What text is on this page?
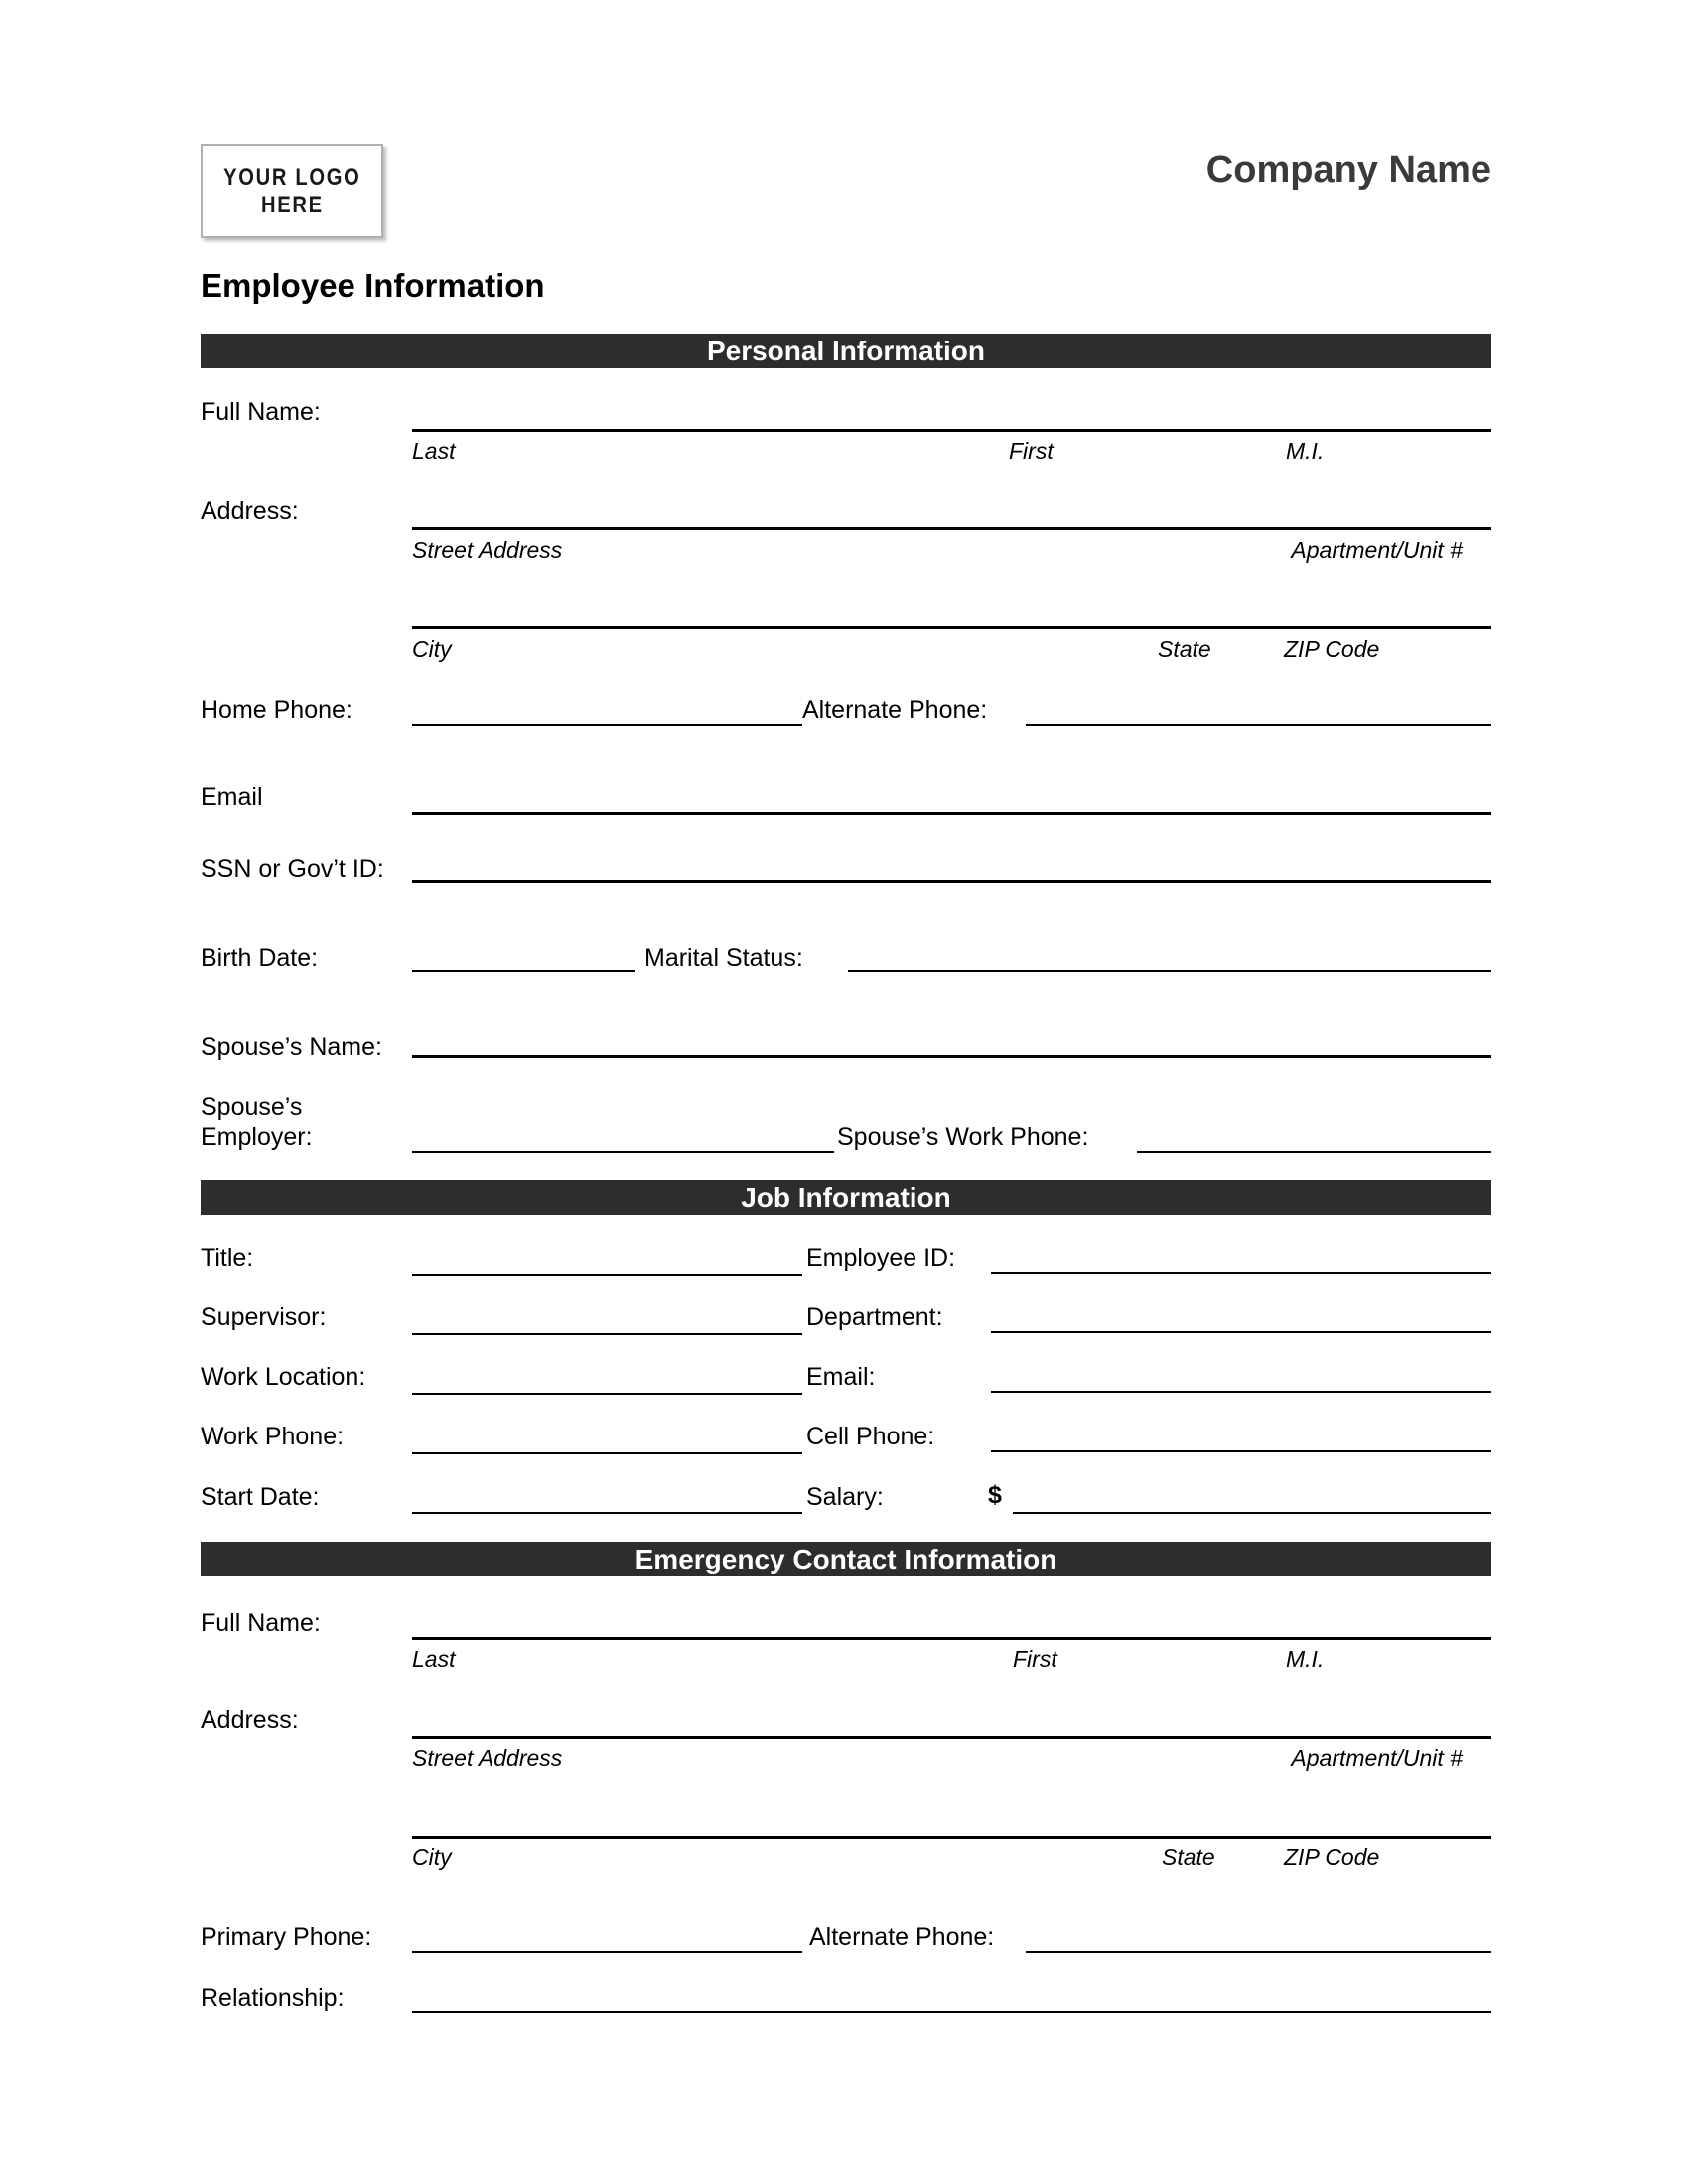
YOUR LOGO
HERE
Company Name
Employee Information
Personal Information
Full Name:
Last	First	M.I.
Address:
Street Address	Apartment/Unit #
City	State	ZIP Code
Home Phone:	Alternate Phone:
Email
SSN or Gov’t ID:
Birth Date:	Marital Status:
Spouse’s Name:
Spouse’s
Employer:	Spouse’s Work Phone:
Job Information
Title:	Employee ID:
Supervisor:	Department:
Work Location:	Email:
Work Phone:	Cell Phone:
Start Date:	Salary:	$
Emergency Contact Information
Full Name:
Last	First	M.I.
Address:
Street Address	Apartment/Unit #
City	State	ZIP Code
Primary Phone:	Alternate Phone:
Relationship:
